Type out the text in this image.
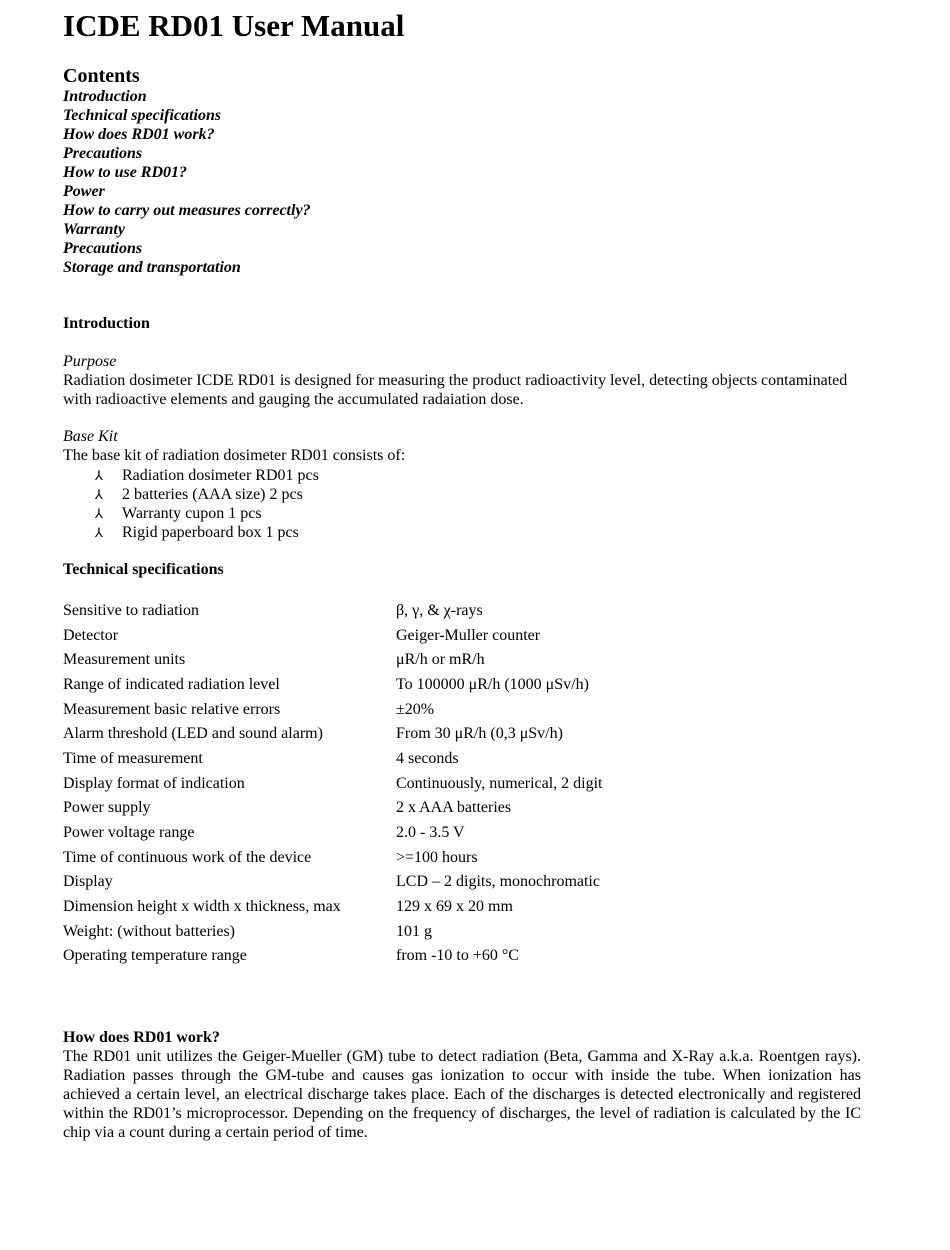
ICDE RD01 User Manual
Contents
Introduction
Technical specifications
How does RD01 work?
Precautions
How to use RD01?
Power
How to carry out measures correctly?
Warranty
Precautions
Storage and transportation
Introduction

Purpose

Radiation dosimeter ICDE RD01 is designed for measuring the product radioactivity level, detecting objects contaminated with radioactive elements and gauging the accumulated radaiation dose.

Base Kit

The base kit of radiation dosimeter RD01 consists of:

⅄	Radiation dosimeter RD01 pcs
⅄	2 batteries (AAA size) 2 pcs
⅄	Warranty cupon 1 pcs
⅄	Rigid paperboard box 1 pcs
Technical specifications
Sensitive to radiation	β, γ, & χ-rays
Detector	Geiger-Muller counter
Measurement units	μR/h or mR/h
Range of indicated radiation level	To 100000 μR/h (1000 μSv/h)
Measurement basic relative errors	±20%
Alarm threshold (LED and sound alarm)	From 30 μR/h (0,3 μSv/h)
Time of measurement	4 seconds
Display format of indication	Continuously, numerical, 2 digit
Power supply	2 x AAA batteries
Power voltage range	2.0 - 3.5 V
Time of continuous work of the device	>=100 hours
Display	LCD – 2 digits, monochromatic
Dimension height x width x thickness, max	129 x 69 x 20 mm
Weight: (without batteries)	101 g
Operating temperature range	from -10 to +60 °C
How does RD01 work?

The RD01 unit utilizes the Geiger-Mueller (GM) tube to detect radiation (Beta, Gamma and X-Ray a.k.a. Roentgen rays). Radiation passes through the GM-tube and causes gas ionization to occur with inside the tube. When ionization has achieved a certain level, an electrical discharge takes place. Each of the discharges is detected electronically and registered within the RD01’s microprocessor. Depending on the frequency of discharges, the level of radiation is calculated by the IC chip via a count during a certain period of time.
